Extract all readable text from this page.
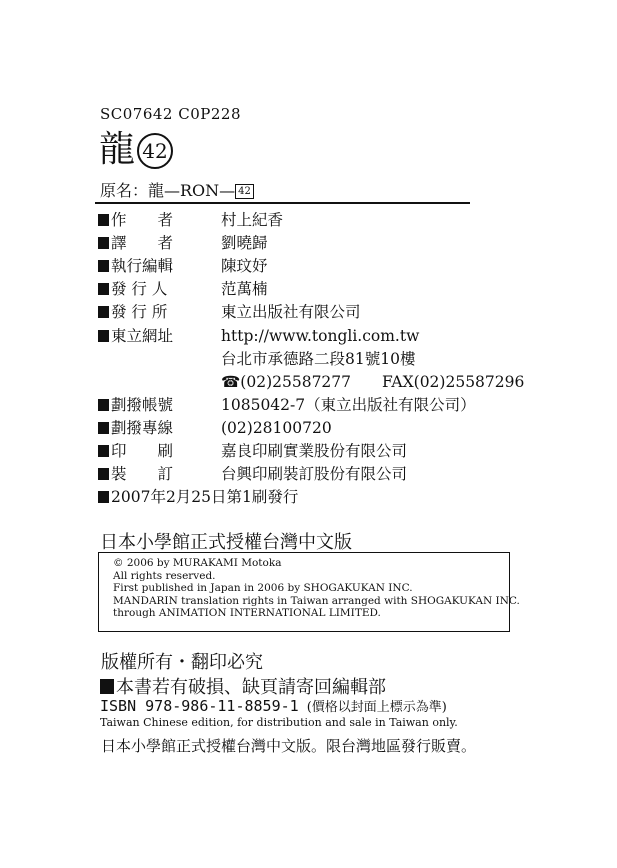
SC07642 C0P228
龍 42
原名：龍—RON— 42
作　　者	村上紀香
譯　　者	劉曉歸
執行編輯	陳玟妤
發 行 人	范萬楠
發 行 所	東立出版社有限公司
東立網址	http://www.tongli.com.tw
台北市承德路二段81號10樓
☎(02)25587277　　FAX(02)25587296
劃撥帳號	1085042-7（東立出版社有限公司）
劃撥專線	(02)28100720
印　　刷	嘉良印刷實業股份有限公司
裝　　訂	台興印刷裝訂股份有限公司
2007年2月25日第1刷發行
日本小學館正式授權台灣中文版
© 2006 by MURAKAMI Motoka
All rights reserved.
First published in Japan in 2006 by SHOGAKUKAN INC.
MANDARIN translation rights in Taiwan arranged with SHOGAKUKAN INC.
through ANIMATION INTERNATIONAL LIMITED.
版權所有・翻印必究
本書若有破損、缺頁請寄回編輯部
ISBN 978-986-11-8859-1 (價格以封面上標示為準)
Taiwan Chinese edition, for distribution and sale in Taiwan only.
日本小學館正式授權台灣中文版。限台灣地區發行販賣。
